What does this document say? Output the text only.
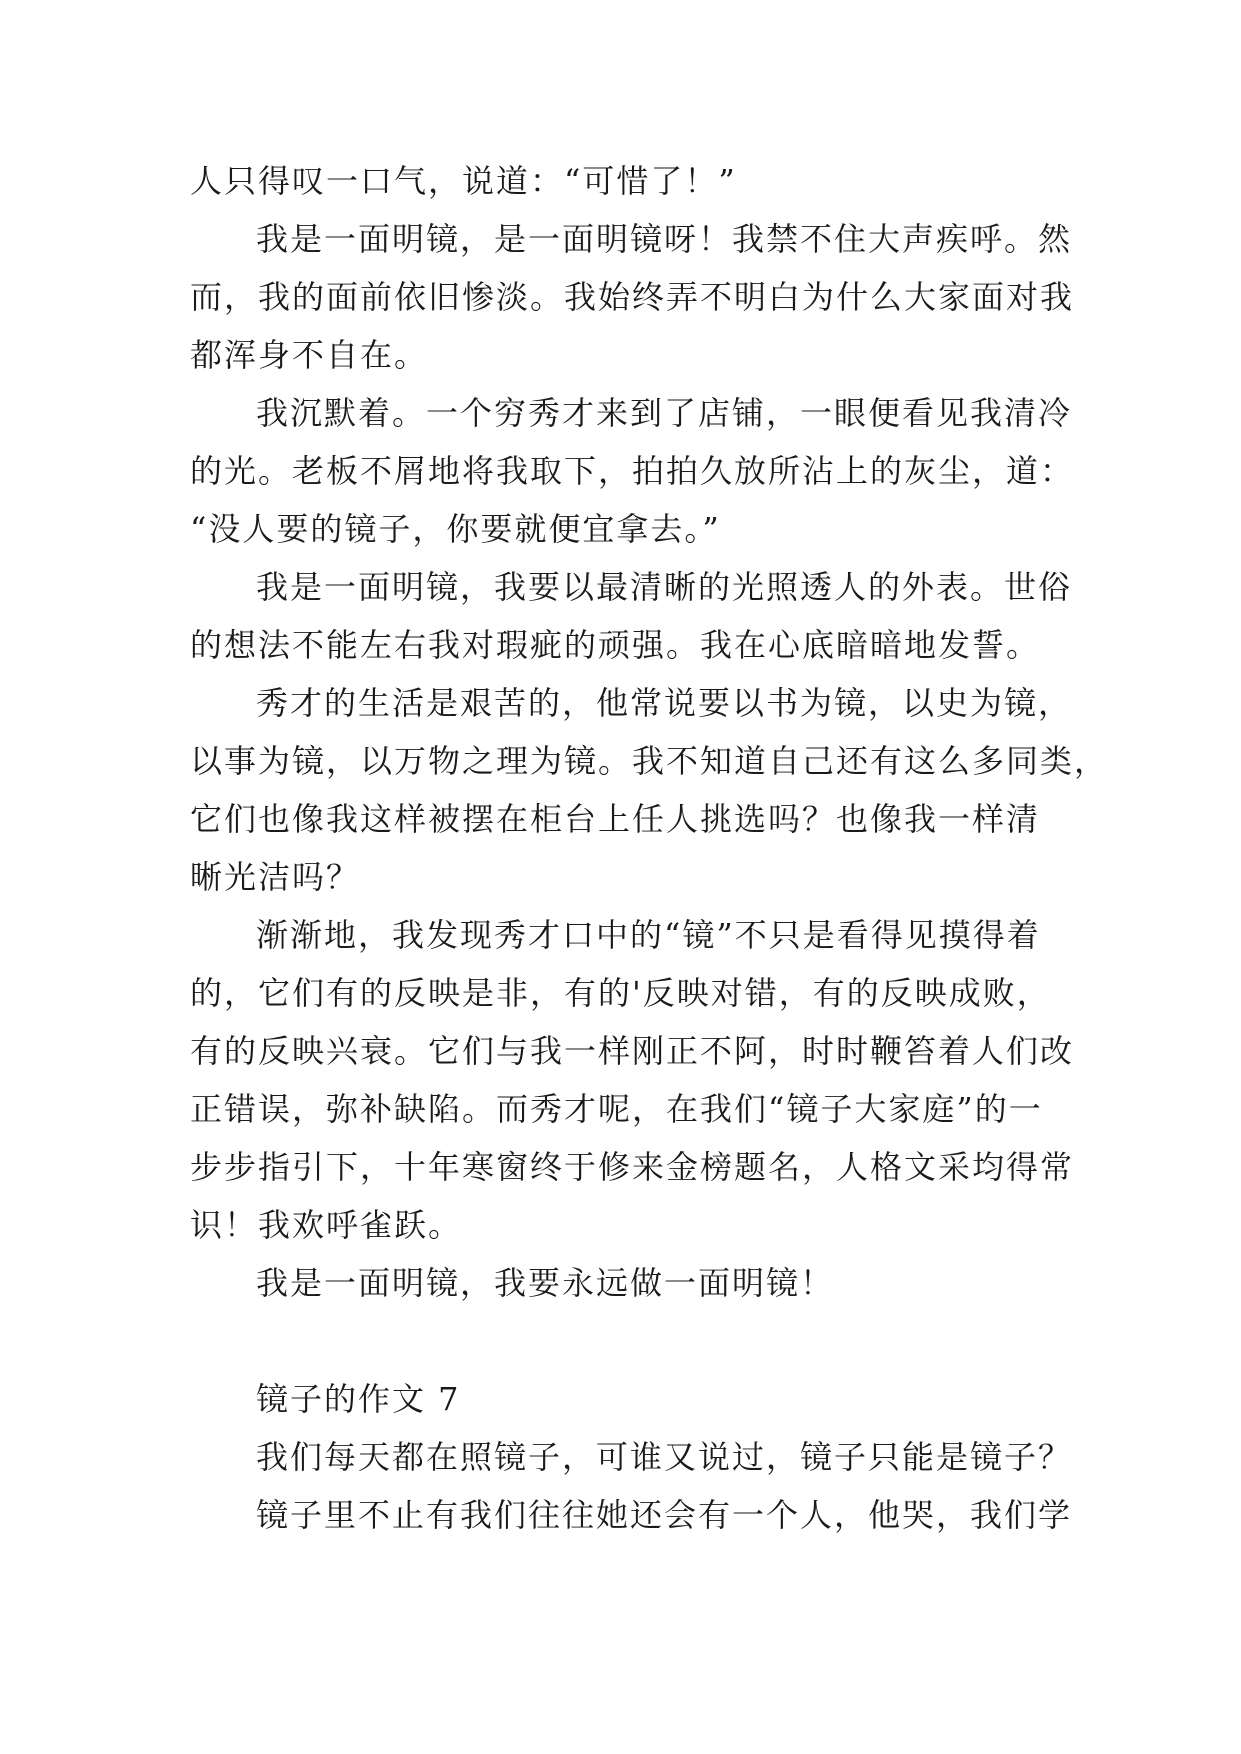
人只得叹一口气，说道：“可惜了！”
我是一面明镜，是一面明镜呀！我禁不住大声疾呼。然
而，我的面前依旧惨淡。我始终弄不明白为什么大家面对我
都浑身不自在。
我沉默着。一个穷秀才来到了店铺，一眼便看见我清冷
的光。老板不屑地将我取下，拍拍久放所沾上的灰尘，道：
“没人要的镜子，你要就便宜拿去。”
我是一面明镜，我要以最清晰的光照透人的外表。世俗
的想法不能左右我对瑕疵的顽强。我在心底暗暗地发誓。
秀才的生活是艰苦的，他常说要以书为镜，以史为镜，
以事为镜，以万物之理为镜。我不知道自己还有这么多同类，
它们也像我这样被摆在柜台上任人挑选吗？也像我一样清
晰光洁吗？
渐渐地，我发现秀才口中的“镜”不只是看得见摸得着
的，它们有的反映是非，有的'反映对错，有的反映成败，
有的反映兴衰。它们与我一样刚正不阿，时时鞭笞着人们改
正错误，弥补缺陷。而秀才呢，在我们“镜子大家庭”的一
步步指引下，十年寒窗终于修来金榜题名，人格文采均得常
识！我欢呼雀跃。
我是一面明镜，我要永远做一面明镜！
镜子的作文 7
我们每天都在照镜子，可谁又说过，镜子只能是镜子？
镜子里不止有我们往往她还会有一个人，他哭，我们学
